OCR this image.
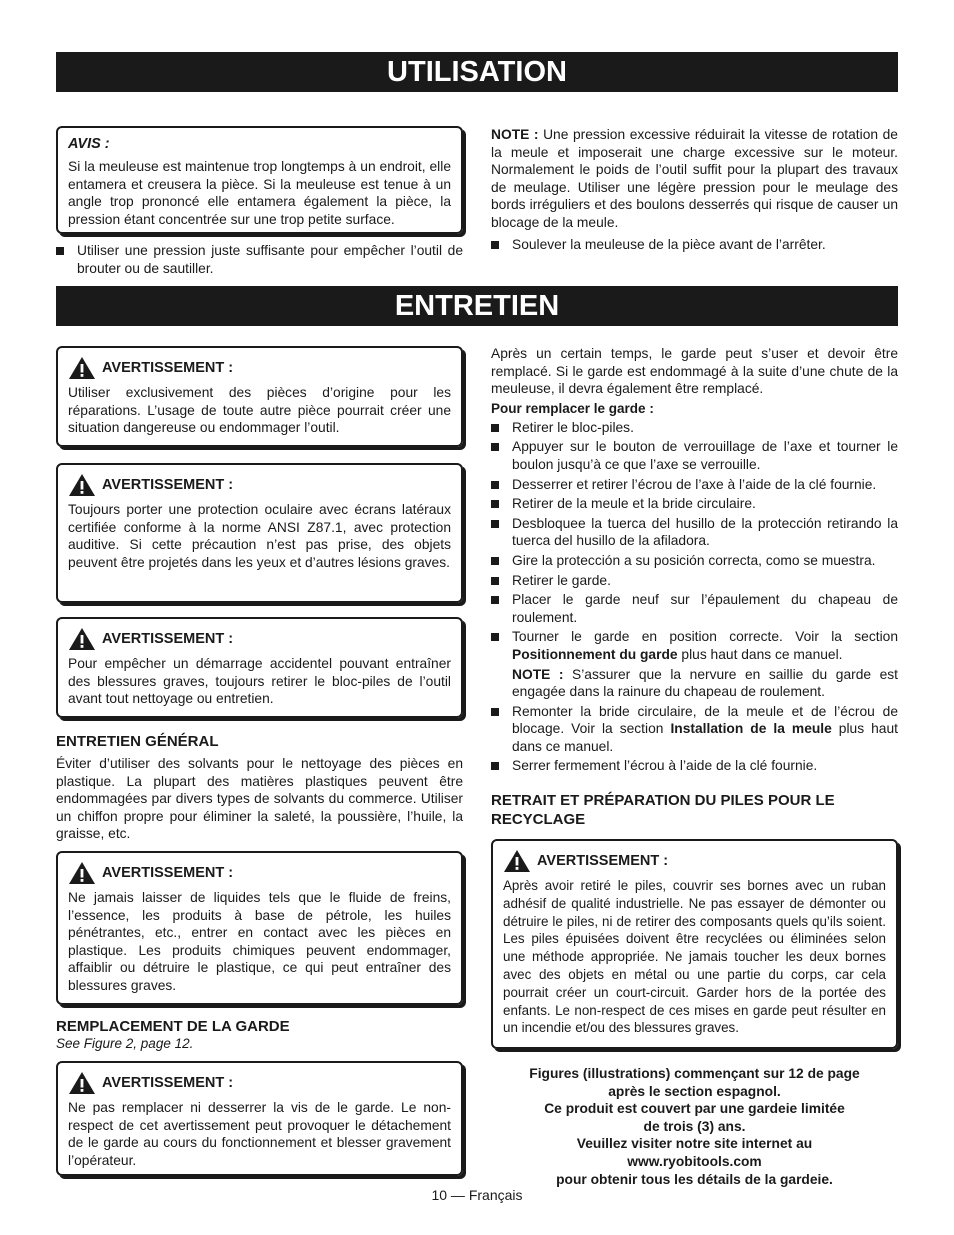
UTILISATION
ENTRETIEN
AVIS :

Si la meuleuse est maintenue trop longtemps à un endroit, elle entamera et creusera la pièce. Si la meuleuse est tenue à un angle trop prononcé elle entamera également la pièce, la pression étant concentrée sur une trop petite surface.

Utiliser une pression juste suffisante pour empêcher l’outil de brouter ou de sautiller.

NOTE : Une pression excessive réduirait la vitesse de rotation de la meule et imposerait une charge excessive sur le moteur. Normalement le poids de l’outil suffit pour la plupart des travaux de meulage. Utiliser une légère pression pour le meulage des bords irréguliers et des boulons desserrés qui risque de causer un blocage de la meule.

Soulever la meuleuse de la pièce avant de l’arrêter.
AVERTISSEMENT :

Utiliser exclusivement des pièces d’origine pour les réparations. L’usage de toute autre pièce pourrait créer une situation dangereuse ou endommager l’outil.

AVERTISSEMENT :

Toujours porter une protection oculaire avec écrans latéraux certifiée conforme à la norme ANSI Z87.1, avec protection auditive. Si cette précaution n’est pas prise, des objets peuvent être projetés dans les yeux et d’autres lésions graves.

AVERTISSEMENT :

Pour empêcher un démarrage accidentel pouvant entraîner des blessures graves, toujours retirer le bloc-piles de l’outil avant tout nettoyage ou entretien.

ENTRETIEN GÉNÉRAL

Éviter d’utiliser des solvants pour le nettoyage des pièces en plastique. La plupart des matières plastiques peuvent être endommagées par divers types de solvants du commerce. Utiliser un chiffon propre pour éliminer la saleté, la poussière, l’huile, la graisse, etc.

AVERTISSEMENT :

Ne jamais laisser de liquides tels que le fluide de freins, l’essence, les produits à base de pétrole, les huiles pénétrantes, etc., entrer en contact avec les pièces en plastique. Les produits chimiques peuvent endommager, affaiblir ou détruire le plastique, ce qui peut entraîner des blessures graves.

REMPLACEMENT DE LA GARDE
See Figure 2, page 12.
AVERTISSEMENT :

Ne pas remplacer ni desserrer la vis de le garde. Le non-respect de cet avertissement peut provoquer le détachement de le garde au cours du fonctionnement et blesser gravement l’opérateur.

Après un certain temps, le garde peut s’user et devoir être remplacé. Si le garde est endommagé à la suite d’une chute de la meuleuse, il devra également être remplacé.

Pour remplacer le garde :
Retirer le bloc-piles.
Appuyer sur le bouton de verrouillage de l’axe et tourner le boulon jusqu’à ce que l’axe se verrouille.
Desserrer et retirer l’écrou de l’axe à l’aide de la clé fournie.
Retirer de la meule et la bride circulaire.
Desbloquee la tuerca del husillo de la protección retirando la tuerca del husillo de la afiladora.
Gire la protección a su posición correcta, como se muestra.
Retirer le garde.
Placer le garde neuf sur l’épaulement du chapeau de roulement.
Tourner le garde en position correcte. Voir la section Positionnement du garde plus haut dans ce manuel.
NOTE : S’assurer que la nervure en saillie du garde est engagée dans la rainure du chapeau de roulement.
Remonter la bride circulaire, de la meule et de l’écrou de blocage. Voir la section Installation de la meule plus haut dans ce manuel.
Serrer fermement l’écrou à l’aide de la clé fournie.
RETRAIT ET PRÉPARATION DU PILES POUR LE RECYCLAGE
AVERTISSEMENT :

Après avoir retiré le piles, couvrir ses bornes avec un ruban adhésif de qualité industrielle. Ne pas essayer de démonter ou détruire le piles, ni de retirer des composants quels qu’ils soient. Les piles épuisées doivent être recyclées ou éliminées selon une méthode appropriée. Ne jamais toucher les deux bornes avec des objets en métal ou une partie du corps, car cela pourrait créer un court-circuit. Garder hors de la portée des enfants. Le non-respect de ces mises en garde peut résulter en un incendie et/ou des blessures graves.

Figures (illustrations) commençant sur 12 de page
après le section espagnol.
Ce produit est couvert par une gardeie limitée
de trois (3) ans.
Veuillez visiter notre site internet au
www.ryobitools.com
pour obtenir tous les détails de la gardeie.
10 — Français
